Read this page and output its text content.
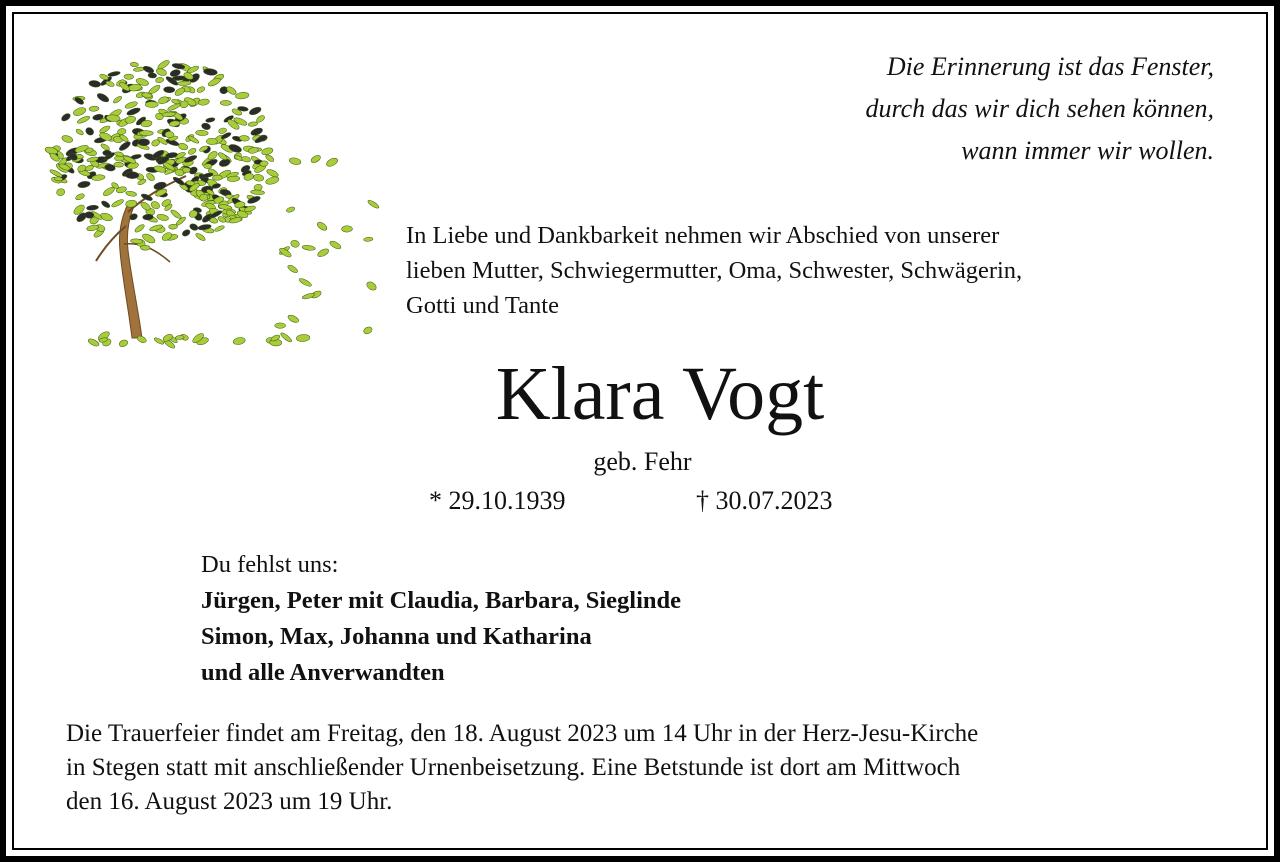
Die Erinnerung ist das Fenster,
durch das wir dich sehen können,
wann immer wir wollen.
In Liebe und Dankbarkeit nehmen wir Abschied von unserer
lieben Mutter, Schwiegermutter, Oma, Schwester, Schwägerin,
Gotti und Tante
Klara Vogt
geb. Fehr
* 29.10.1939	† 30.07.2023
Du fehlst uns:
Jürgen, Peter mit Claudia, Barbara, Sieglinde
Simon, Max, Johanna und Katharina
und alle Anverwandten
Die Trauerfeier findet am Freitag, den 18. August 2023 um 14 Uhr in der Herz-Jesu-Kirche
in Stegen statt mit anschließender Urnenbeisetzung. Eine Betstunde ist dort am Mittwoch
den 16. August 2023 um 19 Uhr.
